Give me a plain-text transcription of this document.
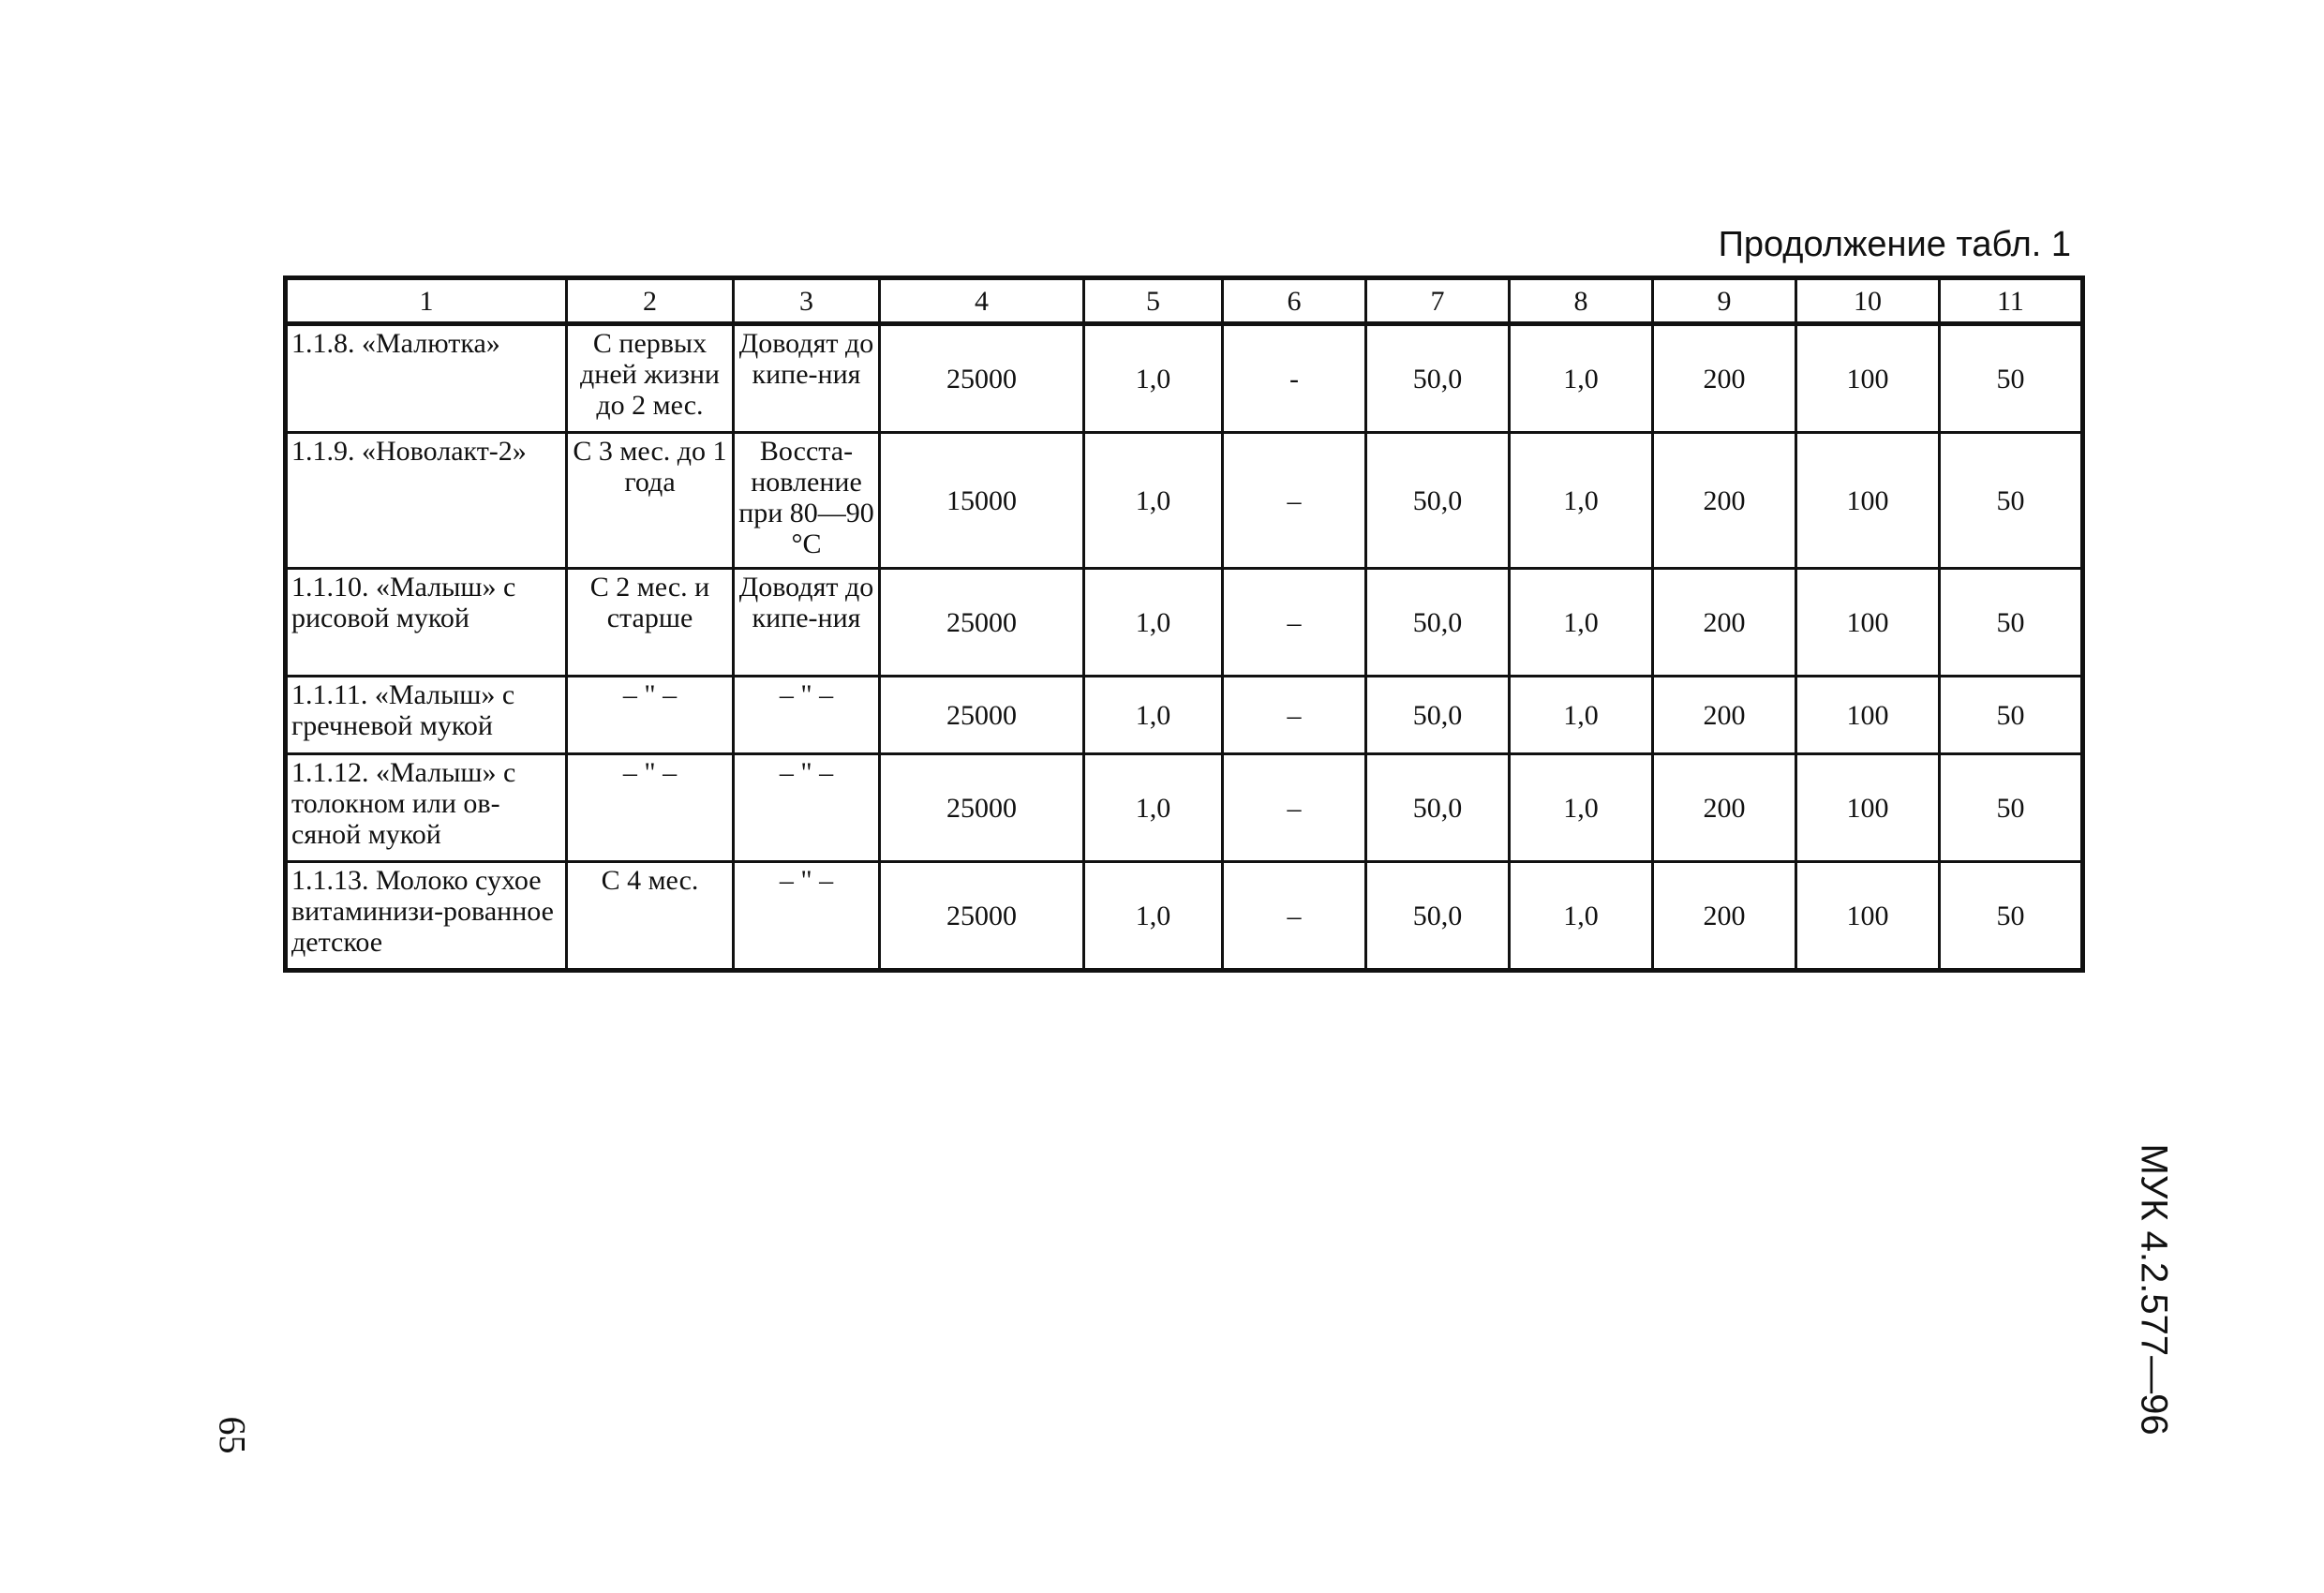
Продолжение табл. 1
1	2	3	4	5	6	7	8	9	10	11
1.1.8. «Малютка»	С первых дней жизни до 2 мес.	Доводят до кипе-ния	25000	1,0	-	50,0	1,0	200	100	50
1.1.9. «Новолакт-2»	С 3 мес. до 1 года	Восста-новление при 80—90 °С	15000	1,0	–	50,0	1,0	200	100	50
1.1.10. «Малыш» с рисовой мукой	С 2 мес. и старше	Доводят до кипе-ния	25000	1,0	–	50,0	1,0	200	100	50
1.1.11. «Малыш» с гречневой мукой	– " –	– " –	25000	1,0	–	50,0	1,0	200	100	50
1.1.12. «Малыш» с толокном или ов-сяной мукой	– " –	– " –	25000	1,0	–	50,0	1,0	200	100	50
1.1.13. Молоко сухое витаминизи-рованное детское	С 4 мес.	– " –	25000	1,0	–	50,0	1,0	200	100	50
65	МУК 4.2.577—96
